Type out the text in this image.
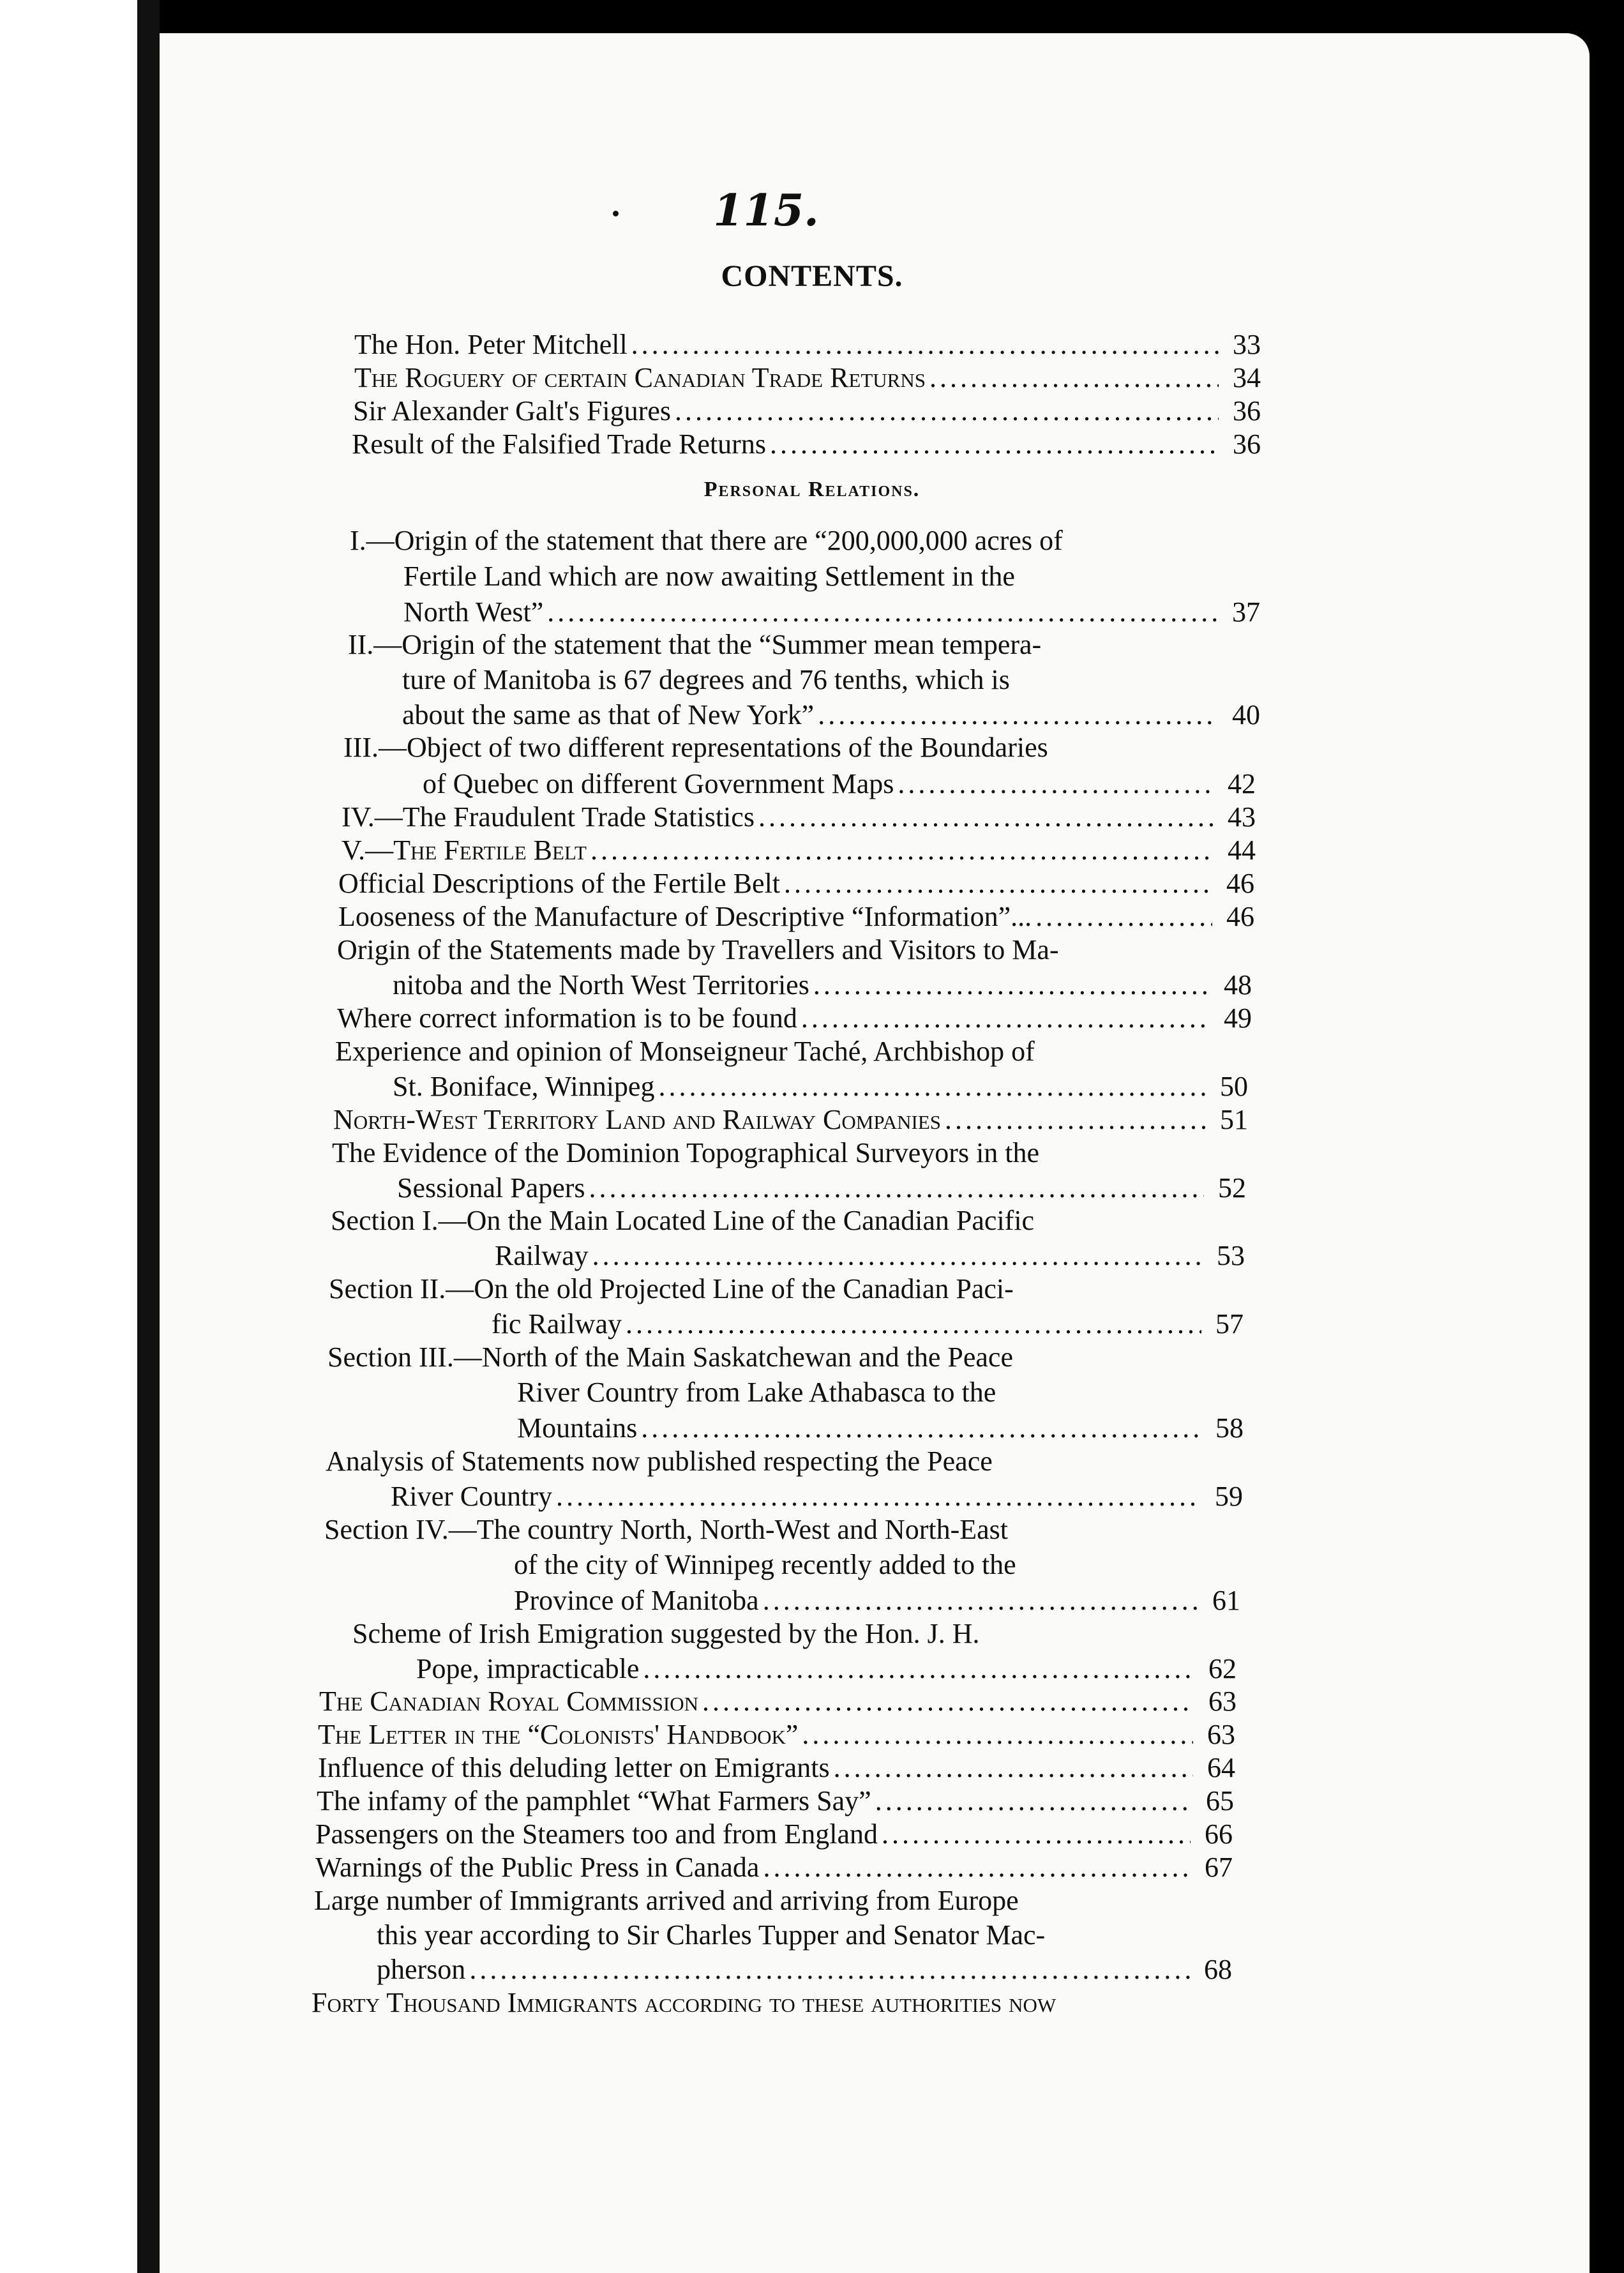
115.
CONTENTS.
The Hon. Peter Mitchell .....	33
The Roguery of certain Canadian Trade Returns .....	34
Sir Alexander Galt's Figures .....	36
Result of the Falsified Trade Returns .....	36
Personal Relations.
I.—Origin of the statement that there are “200,000,000 acres of
Fertile Land which are now awaiting Settlement in the
North West” .....	37
II.—Origin of the statement that the “Summer mean tempera-
ture of Manitoba is 67 degrees and 76 tenths, which is
about the same as that of New York” .....	40
III.—Object of two different representations of the Boundaries
of Quebec on different Government Maps .....	42
IV.—The Fraudulent Trade Statistics .....	43
V.—The Fertile Belt .....	44
Official Descriptions of the Fertile Belt .....	46
Looseness of the Manufacture of Descriptive “Information”... .....	46
Origin of the Statements made by Travellers and Visitors to Ma-
nitoba and the North West Territories .....	48
Where correct information is to be found .....	49
Experience and opinion of Monseigneur Taché, Archbishop of
St. Boniface, Winnipeg .....	50
North-West Territory Land and Railway Companies .....	51
The Evidence of the Dominion Topographical Surveyors in the
Sessional Papers .....	52
Section I.—On the Main Located Line of the Canadian Pacific
Railway .....	53
Section II.—On the old Projected Line of the Canadian Paci-
fic Railway .....	57
Section III.—North of the Main Saskatchewan and the Peace
River Country from Lake Athabasca to the
Mountains .....	58
Analysis of Statements now published respecting the Peace
River Country .....	59
Section IV.—The country North, North-West and North-East
of the city of Winnipeg recently added to the
Province of Manitoba .....	61
Scheme of Irish Emigration suggested by the Hon. J. H.
Pope, impracticable .....	62
The Canadian Royal Commission .....	63
The Letter in the “Colonists' Handbook” .....	63
Influence of this deluding letter on Emigrants .....	64
The infamy of the pamphlet “What Farmers Say” .....	65
Passengers on the Steamers too and from England .....	66
Warnings of the Public Press in Canada .....	67
Large number of Immigrants arrived and arriving from Europe
this year according to Sir Charles Tupper and Senator Mac-
pherson .....	68
Forty Thousand Immigrants according to these authorities now
